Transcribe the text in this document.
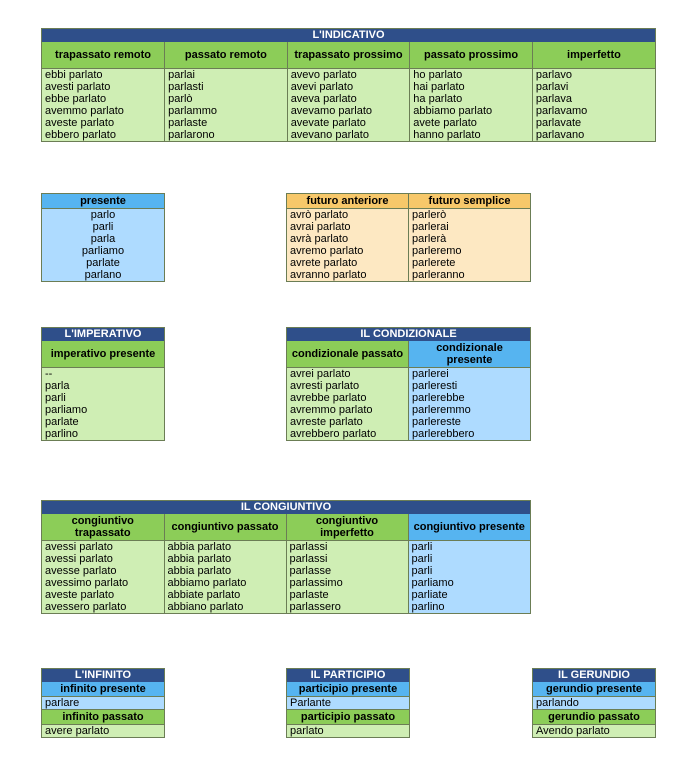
L'INDICATIVO
trapassato remoto	passato remoto	trapassato prossimo	passato prossimo	imperfetto
ebbi parlato	parlai	avevo parlato	ho parlato	parlavo
avesti parlato	parlasti	avevi parlato	hai parlato	parlavi
ebbe parlato	parlò	aveva parlato	ha parlato	parlava
avemmo parlato	parlammo	avevamo parlato	abbiamo parlato	parlavamo
aveste parlato	parlaste	avevate parlato	avete parlato	parlavate
ebbero parlato	parlarono	avevano parlato	hanno parlato	parlavano
presente
parlo
parli
parla
parliamo
parlate
parlano
futuro anteriore	futuro semplice
avrò parlato	parlerò
avrai parlato	parlerai
avrà parlato	parlerà
avremo parlato	parleremo
avrete parlato	parlerete
avranno parlato	parleranno
L'IMPERATIVO
imperativo presente
--
parla
parli
parliamo
parlate
parlino
IL CONDIZIONALE
condizionale passato	condizionale presente
avrei parlato	parlerei
avresti parlato	parleresti
avrebbe parlato	parlerebbe
avremmo parlato	parleremmo
avreste parlato	parlereste
avrebbero parlato	parlerebbero
IL CONGIUNTIVO
congiuntivo trapassato	congiuntivo passato	congiuntivo imperfetto	congiuntivo presente
avessi parlato	abbia parlato	parlassi	parli
avessi parlato	abbia parlato	parlassi	parli
avesse parlato	abbia parlato	parlasse	parli
avessimo parlato	abbiamo parlato	parlassimo	parliamo
aveste parlato	abbiate parlato	parlaste	parliate
avessero parlato	abbiano parlato	parlassero	parlino
L'INFINITO
infinito presente
parlare
infinito passato
avere parlato
IL PARTICIPIO
participio presente
Parlante
participio passato
parlato
IL GERUNDIO
gerundio presente
parlando
gerundio passato
Avendo parlato
